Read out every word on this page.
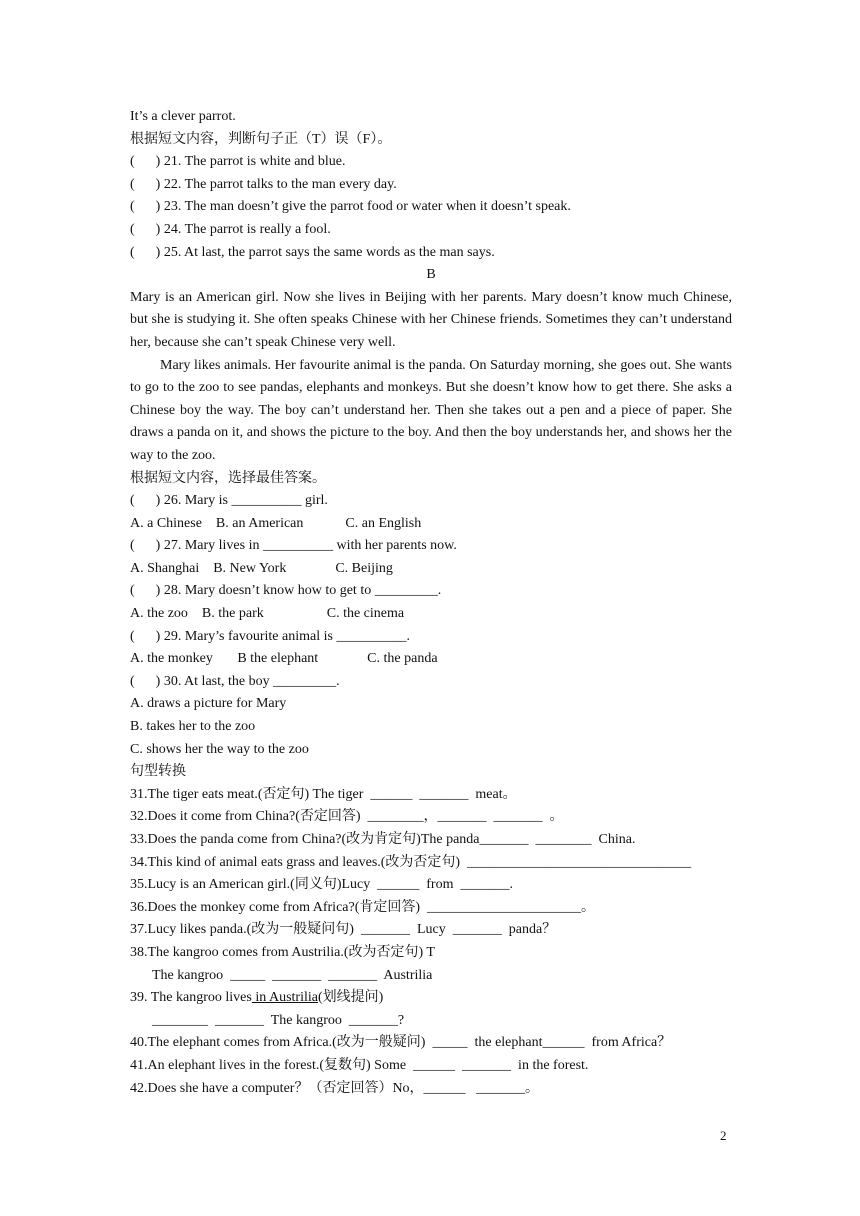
It’s a clever parrot.
根据短文内容，判断句子正（T）误（F）。
(      ) 21. The parrot is white and blue.
(      ) 22. The parrot talks to the man every day.
(      ) 23. The man doesn’t give the parrot food or water when it doesn’t speak.
(      ) 24. The parrot is really a fool.
(      ) 25. At last, the parrot says the same words as the man says.
B
Mary is an American girl. Now she lives in Beijing with her parents. Mary doesn’t know much Chinese, but she is studying it. She often speaks Chinese with her Chinese friends. Sometimes they can’t understand her, because she can’t speak Chinese very well.
Mary likes animals. Her favourite animal is the panda. On Saturday morning, she goes out. She wants to go to the zoo to see pandas, elephants and monkeys. But she doesn’t know how to get there. She asks a Chinese boy the way. The boy can’t understand her. Then she takes out a pen and a piece of paper. She draws a panda on it, and shows the picture to the boy. And then the boy understands her, and shows her the way to the zoo.
根据短文内容，选择最佳答案。
(      ) 26. Mary is __________ girl.
A. a Chinese    B. an American            C. an English
(      ) 27. Mary lives in __________ with her parents now.
A. Shanghai    B. New York              C. Beijing
(      ) 28. Mary doesn’t know how to get to _________.
A. the zoo    B. the park                  C. the cinema
(      ) 29. Mary’s favourite animal is __________.
A. the monkey       B the elephant              C. the panda
(      ) 30. At last, the boy _________.
A. draws a picture for Mary
B. takes her to the zoo
C. shows her the way to the zoo
句型转换
31.The tiger eats meat.(否定句) The tiger  ______  _______  meat。
32.Does it come from China?(否定回答)  ________，_______  _______  。
33.Does the panda come from China?(改为肯定句)The panda_______  ________  China.
34.This kind of animal eats grass and leaves.(改为否定句)  ________________________________
35.Lucy is an American girl.(同义句)Lucy  ______  from  _______.
36.Does the monkey come from Africa?(肯定回答)  ______________________。
37.Lucy likes panda.(改为一般疑问句)  _______  Lucy  _______  panda？
38.The kangroo comes from Austrilia.(改为否定句) T
The kangroo  _____  _______  _______  Austrilia
39. The kangroo lives in Austrilia(划线提问)
________  _______  The kangroo  _______?
40.The elephant comes from Africa.(改为一般疑问)  _____  the elephant______  from Africa？
41.An elephant lives in the forest.(复数句) Some  ______  _______  in the forest.
42.Does she have a computer？（否定回答）No，______   _______。
2
